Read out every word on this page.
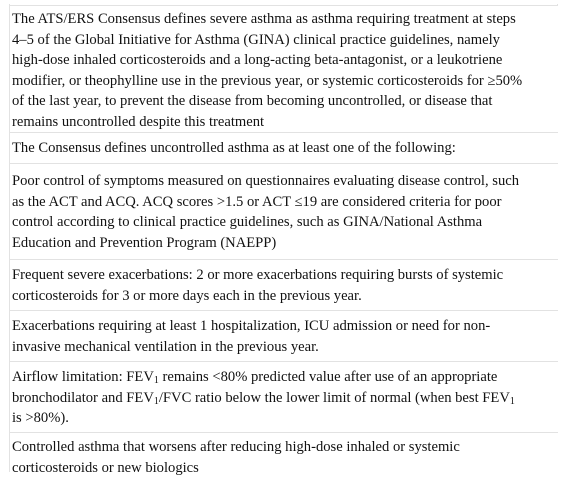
The ATS/ERS Consensus defines severe asthma as asthma requiring treatment at steps
4–5 of the Global Initiative for Asthma (GINA) clinical practice guidelines, namely
high-dose inhaled corticosteroids and a long-acting beta-antagonist, or a leukotriene
modifier, or theophylline use in the previous year, or systemic corticosteroids for ≥50%
of the last year, to prevent the disease from becoming uncontrolled, or disease that
remains uncontrolled despite this treatment
The Consensus defines uncontrolled asthma as at least one of the following:
Poor control of symptoms measured on questionnaires evaluating disease control, such
as the ACT and ACQ. ACQ scores >1.5 or ACT ≤19 are considered criteria for poor
control according to clinical practice guidelines, such as GINA/National Asthma
Education and Prevention Program (NAEPP)
Frequent severe exacerbations: 2 or more exacerbations requiring bursts of systemic
corticosteroids for 3 or more days each in the previous year.
Exacerbations requiring at least 1 hospitalization, ICU admission or need for non-
invasive mechanical ventilation in the previous year.
Airflow limitation: $FEV_1$ remains <80% predicted value after use of an appropriate
bronchodilator and $FEV_1$/FVC ratio below the lower limit of normal (when best $FEV_1$
is >80%).
Controlled asthma that worsens after reducing high-dose inhaled or systemic
corticosteroids or new biologics
